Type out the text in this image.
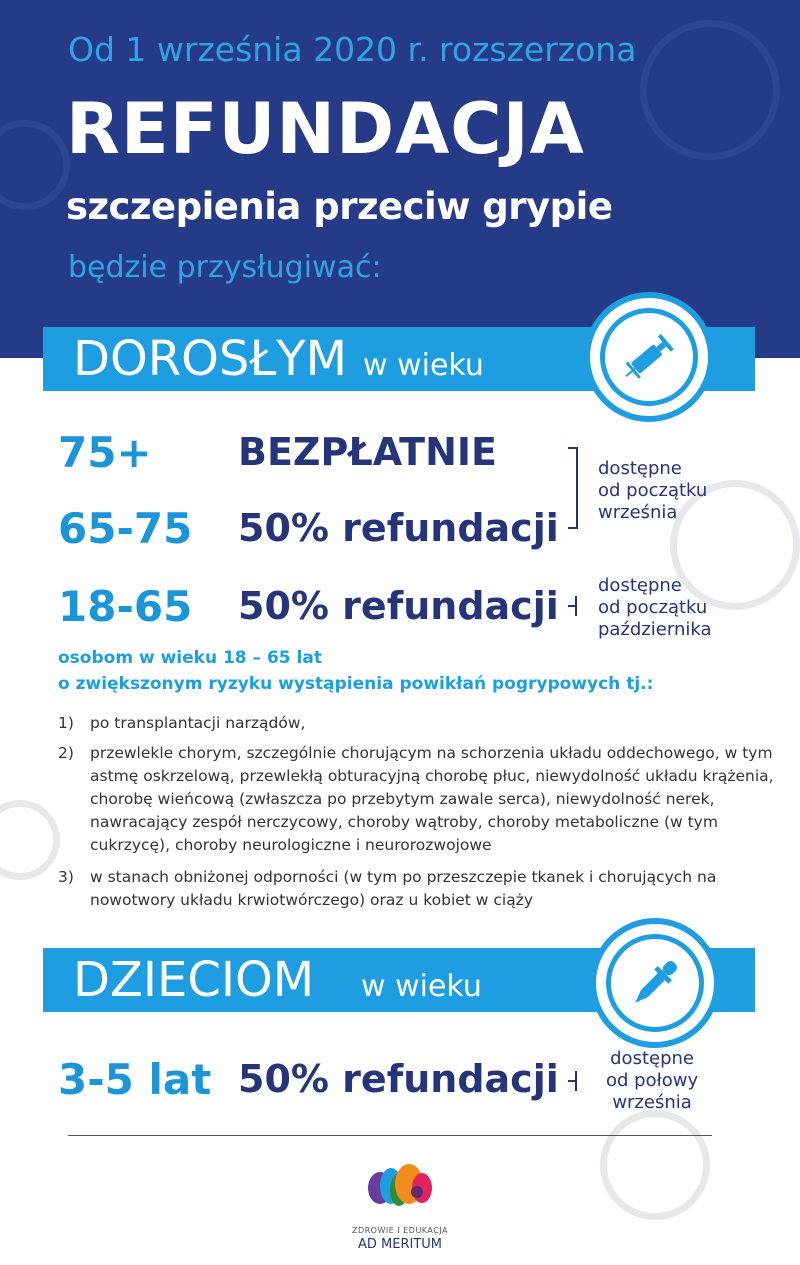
Od 1 września 2020 r. rozszerzona
REFUNDACJA
szczepienia przeciw grypie
będzie przysługiwać:
DOROSŁYM w wieku
75+ BEZPŁATNIE
65-75 50% refundacji
18-65 50% refundacji
dostępne
od początku
września
dostępne
od początku
października
osobom w wieku 18 – 65 lat
o zwiększonym ryzyku wystąpienia powikłań pogrypowych tj.:
1)	po transplantacji narządów,
2)	przewlekle chorym, szczególnie chorującym na schorzenia układu oddechowego, w tym astmę oskrzelową, przewlekłą obturacyjną chorobę płuc, niewydolność układu krążenia, chorobę wieńcową (zwłaszcza po przebytym zawale serca), niewydolność nerek, nawracający zespół nerczycowy, choroby wątroby, choroby metaboliczne (w tym cukrzycę), choroby neurologiczne i neurorozwojowe
3)	w stanach obniżonej odporności (w tym po przeszczepie tkanek i chorujących na nowotwory układu krwiotwórczego) oraz u kobiet w ciąży
DZIECIOM w wieku
3-5 lat 50% refundacji	dostępne
od połowy
września
ZDROWIE I EDUKACJA
AD MERITUM
